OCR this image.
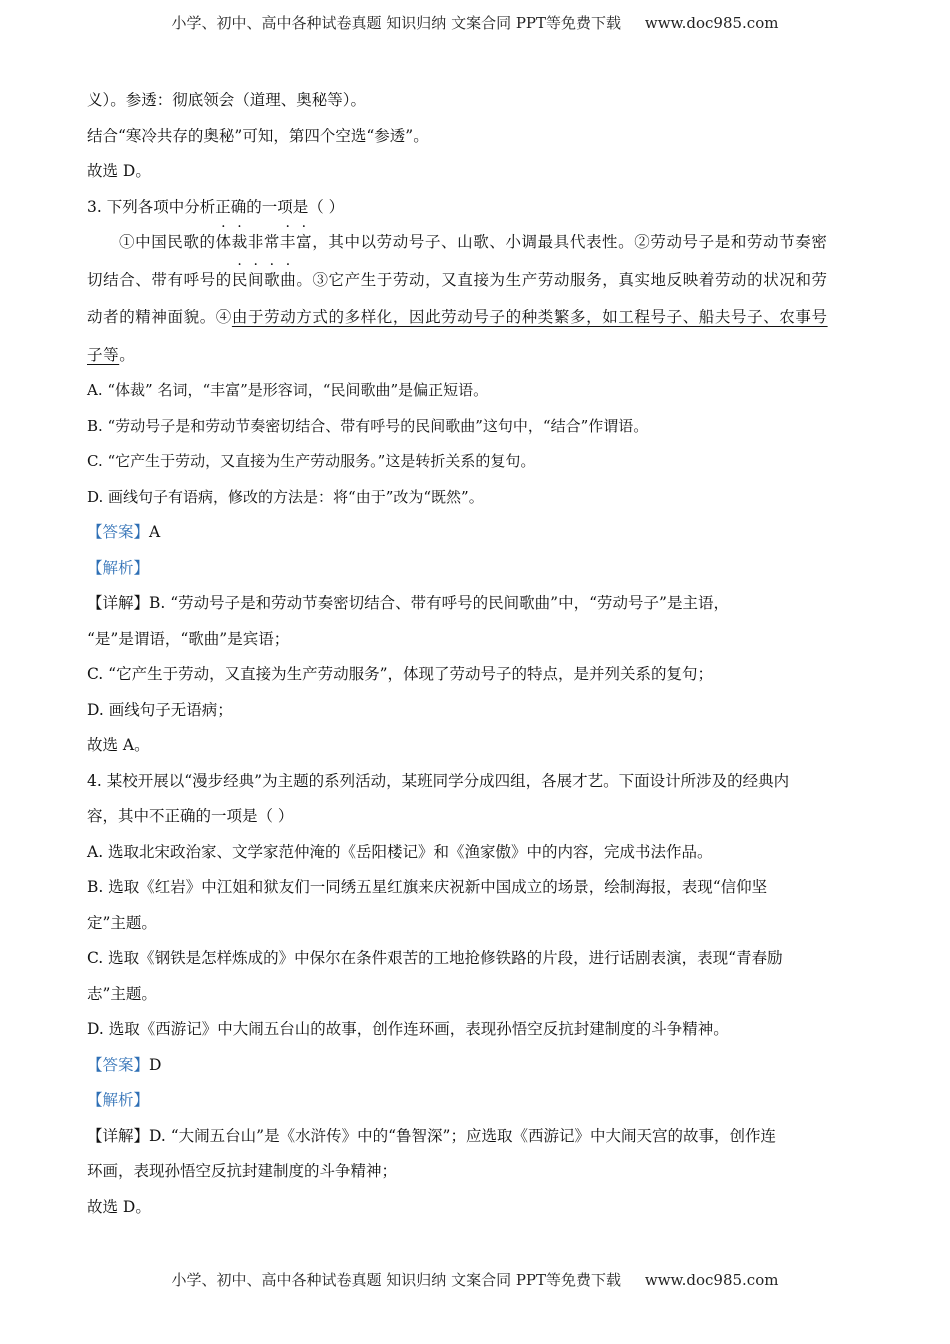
小学、初中、高中各种试卷真题 知识归纳 文案合同 PPT等免费下载     www.doc985.com
义）。参透：彻底领会（道理、奥秘等）。
结合“寒冷共存的奥秘”可知，第四个空选“参透”。
故选 D。
3. 下列各项中分析正确的一项是（ ）
①中国民歌的体裁非常丰富，其中以劳动号子、山歌、小调最具代表性。②劳动号子是和劳动节奏密
切结合、带有呼号的民间歌曲。③它产生于劳动，又直接为生产劳动服务，真实地反映着劳动的状况和劳
动者的精神面貌。④由于劳动方式的多样化，因此劳动号子的种类繁多，如工程号子、船夫号子、农事号
子等。
A. “体裁” 名词，“丰富”是形容词，“民间歌曲”是偏正短语。
B. “劳动号子是和劳动节奏密切结合、带有呼号的民间歌曲”这句中，“结合”作谓语。
C. “它产生于劳动，又直接为生产劳动服务。”这是转折关系的复句。
D. 画线句子有语病，修改的方法是：将“由于”改为“既然”。
【答案】A
【解析】
【详解】B. “劳动号子是和劳动节奏密切结合、带有呼号的民间歌曲”中，“劳动号子”是主语，
“是”是谓语，“歌曲”是宾语；
C. “它产生于劳动，又直接为生产劳动服务”，体现了劳动号子的特点，是并列关系的复句；
D. 画线句子无语病；
故选 A。
4. 某校开展以“漫步经典”为主题的系列活动，某班同学分成四组，各展才艺。下面设计所涉及的经典内
容，其中不正确的一项是（ ）
A. 选取北宋政治家、文学家范仲淹的《岳阳楼记》和《渔家傲》中的内容，完成书法作品。
B. 选取《红岩》中江姐和狱友们一同绣五星红旗来庆祝新中国成立的场景，绘制海报，表现“信仰坚
定”主题。
C. 选取《钢铁是怎样炼成的》中保尔在条件艰苦的工地抢修铁路的片段，进行话剧表演，表现“青春励
志”主题。
D. 选取《西游记》中大闹五台山的故事，创作连环画，表现孙悟空反抗封建制度的斗争精神。
【答案】D
【解析】
【详解】D. “大闹五台山”是《水浒传》中的“鲁智深”；应选取《西游记》中大闹天宫的故事，创作连
环画，表现孙悟空反抗封建制度的斗争精神；
故选 D。
小学、初中、高中各种试卷真题 知识归纳 文案合同 PPT等免费下载     www.doc985.com
